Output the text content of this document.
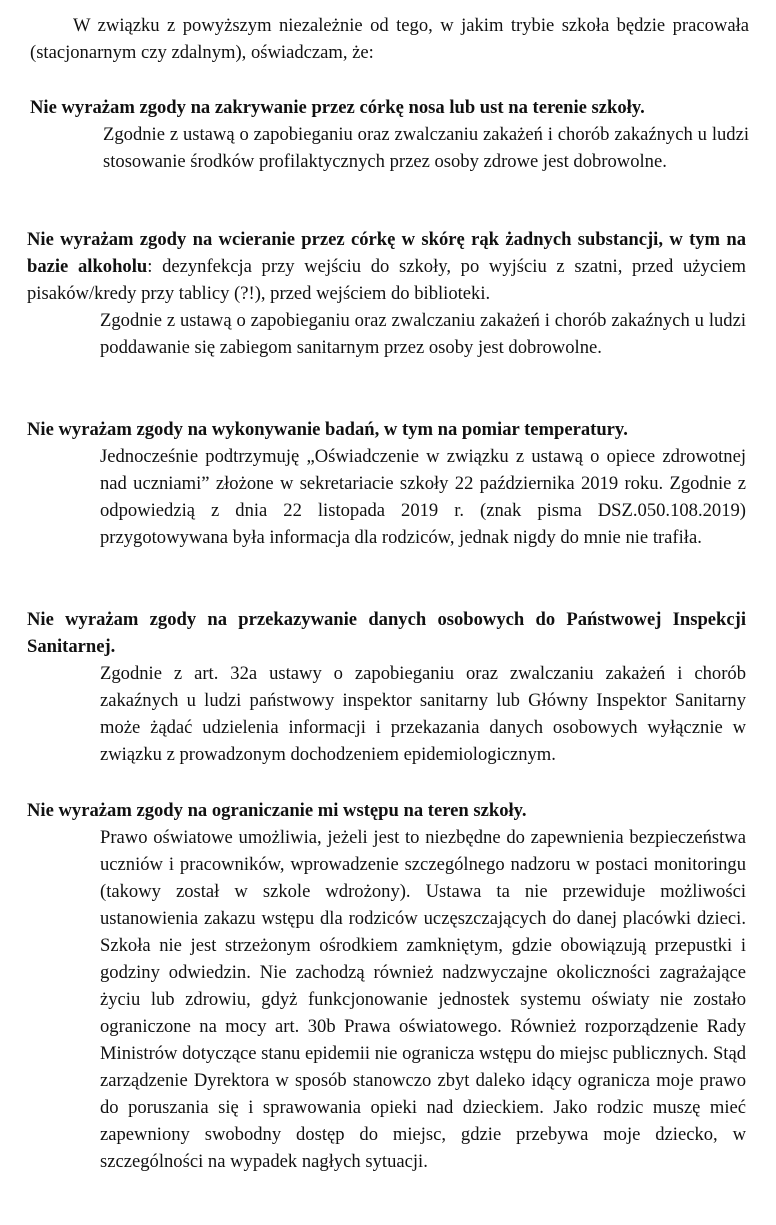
W związku z powyższym niezależnie od tego, w jakim trybie szkoła będzie pracowała (stacjonarnym czy zdalnym), oświadczam, że:

Nie wyrażam zgody na zakrywanie przez córkę nosa lub ust na terenie szkoły.

Zgodnie z ustawą o zapobieganiu oraz zwalczaniu zakażeń i chorób zakaźnych u ludzi stosowanie środków profilaktycznych przez osoby zdrowe jest dobrowolne.

Nie wyrażam zgody na wcieranie przez córkę w skórę rąk żadnych substancji, w tym na bazie alkoholu: dezynfekcja przy wejściu do szkoły, po wyjściu z szatni, przed użyciem pisaków/kredy przy tablicy (?!), przed wejściem do biblioteki.

Zgodnie z ustawą o zapobieganiu oraz zwalczaniu zakażeń i chorób zakaźnych u ludzi poddawanie się zabiegom sanitarnym przez osoby jest dobrowolne.

Nie wyrażam zgody na wykonywanie badań, w tym na pomiar temperatury.

Jednocześnie podtrzymuję „Oświadczenie w związku z ustawą o opiece zdrowotnej nad uczniami” złożone w sekretariacie szkoły 22 października 2019 roku. Zgodnie z odpowiedzią z dnia 22 listopada 2019 r. (znak pisma DSZ.050.108.2019) przygotowywana była informacja dla rodziców, jednak nigdy do mnie nie trafiła.

Nie wyrażam zgody na przekazywanie danych osobowych do Państwowej Inspekcji Sanitarnej.

Zgodnie z art. 32a ustawy o zapobieganiu oraz zwalczaniu zakażeń i chorób zakaźnych u ludzi państwowy inspektor sanitarny lub Główny Inspektor Sanitarny może żądać udzielenia informacji i przekazania danych osobowych wyłącznie w związku z prowadzonym dochodzeniem epidemiologicznym.

Nie wyrażam zgody na ograniczanie mi wstępu na teren szkoły.

Prawo oświatowe umożliwia, jeżeli jest to niezbędne do zapewnienia bezpieczeństwa uczniów i pracowników, wprowadzenie szczególnego nadzoru w postaci monitoringu (takowy został w szkole wdrożony). Ustawa ta nie przewiduje możliwości ustanowienia zakazu wstępu dla rodziców uczęszczających do danej placówki dzieci. Szkoła nie jest strzeżonym ośrodkiem zamkniętym, gdzie obowiązują przepustki i godziny odwiedzin. Nie zachodzą również nadzwyczajne okoliczności zagrażające życiu lub zdrowiu, gdyż funkcjonowanie jednostek systemu oświaty nie zostało ograniczone na mocy art. 30b Prawa oświatowego. Również rozporządzenie Rady Ministrów dotyczące stanu epidemii nie ogranicza wstępu do miejsc publicznych. Stąd zarządzenie Dyrektora w sposób stanowczo zbyt daleko idący ogranicza moje prawo do poruszania się i sprawowania opieki nad dzieckiem. Jako rodzic muszę mieć zapewniony swobodny dostęp do miejsc, gdzie przebywa moje dziecko, w szczególności na wypadek nagłych sytuacji.
